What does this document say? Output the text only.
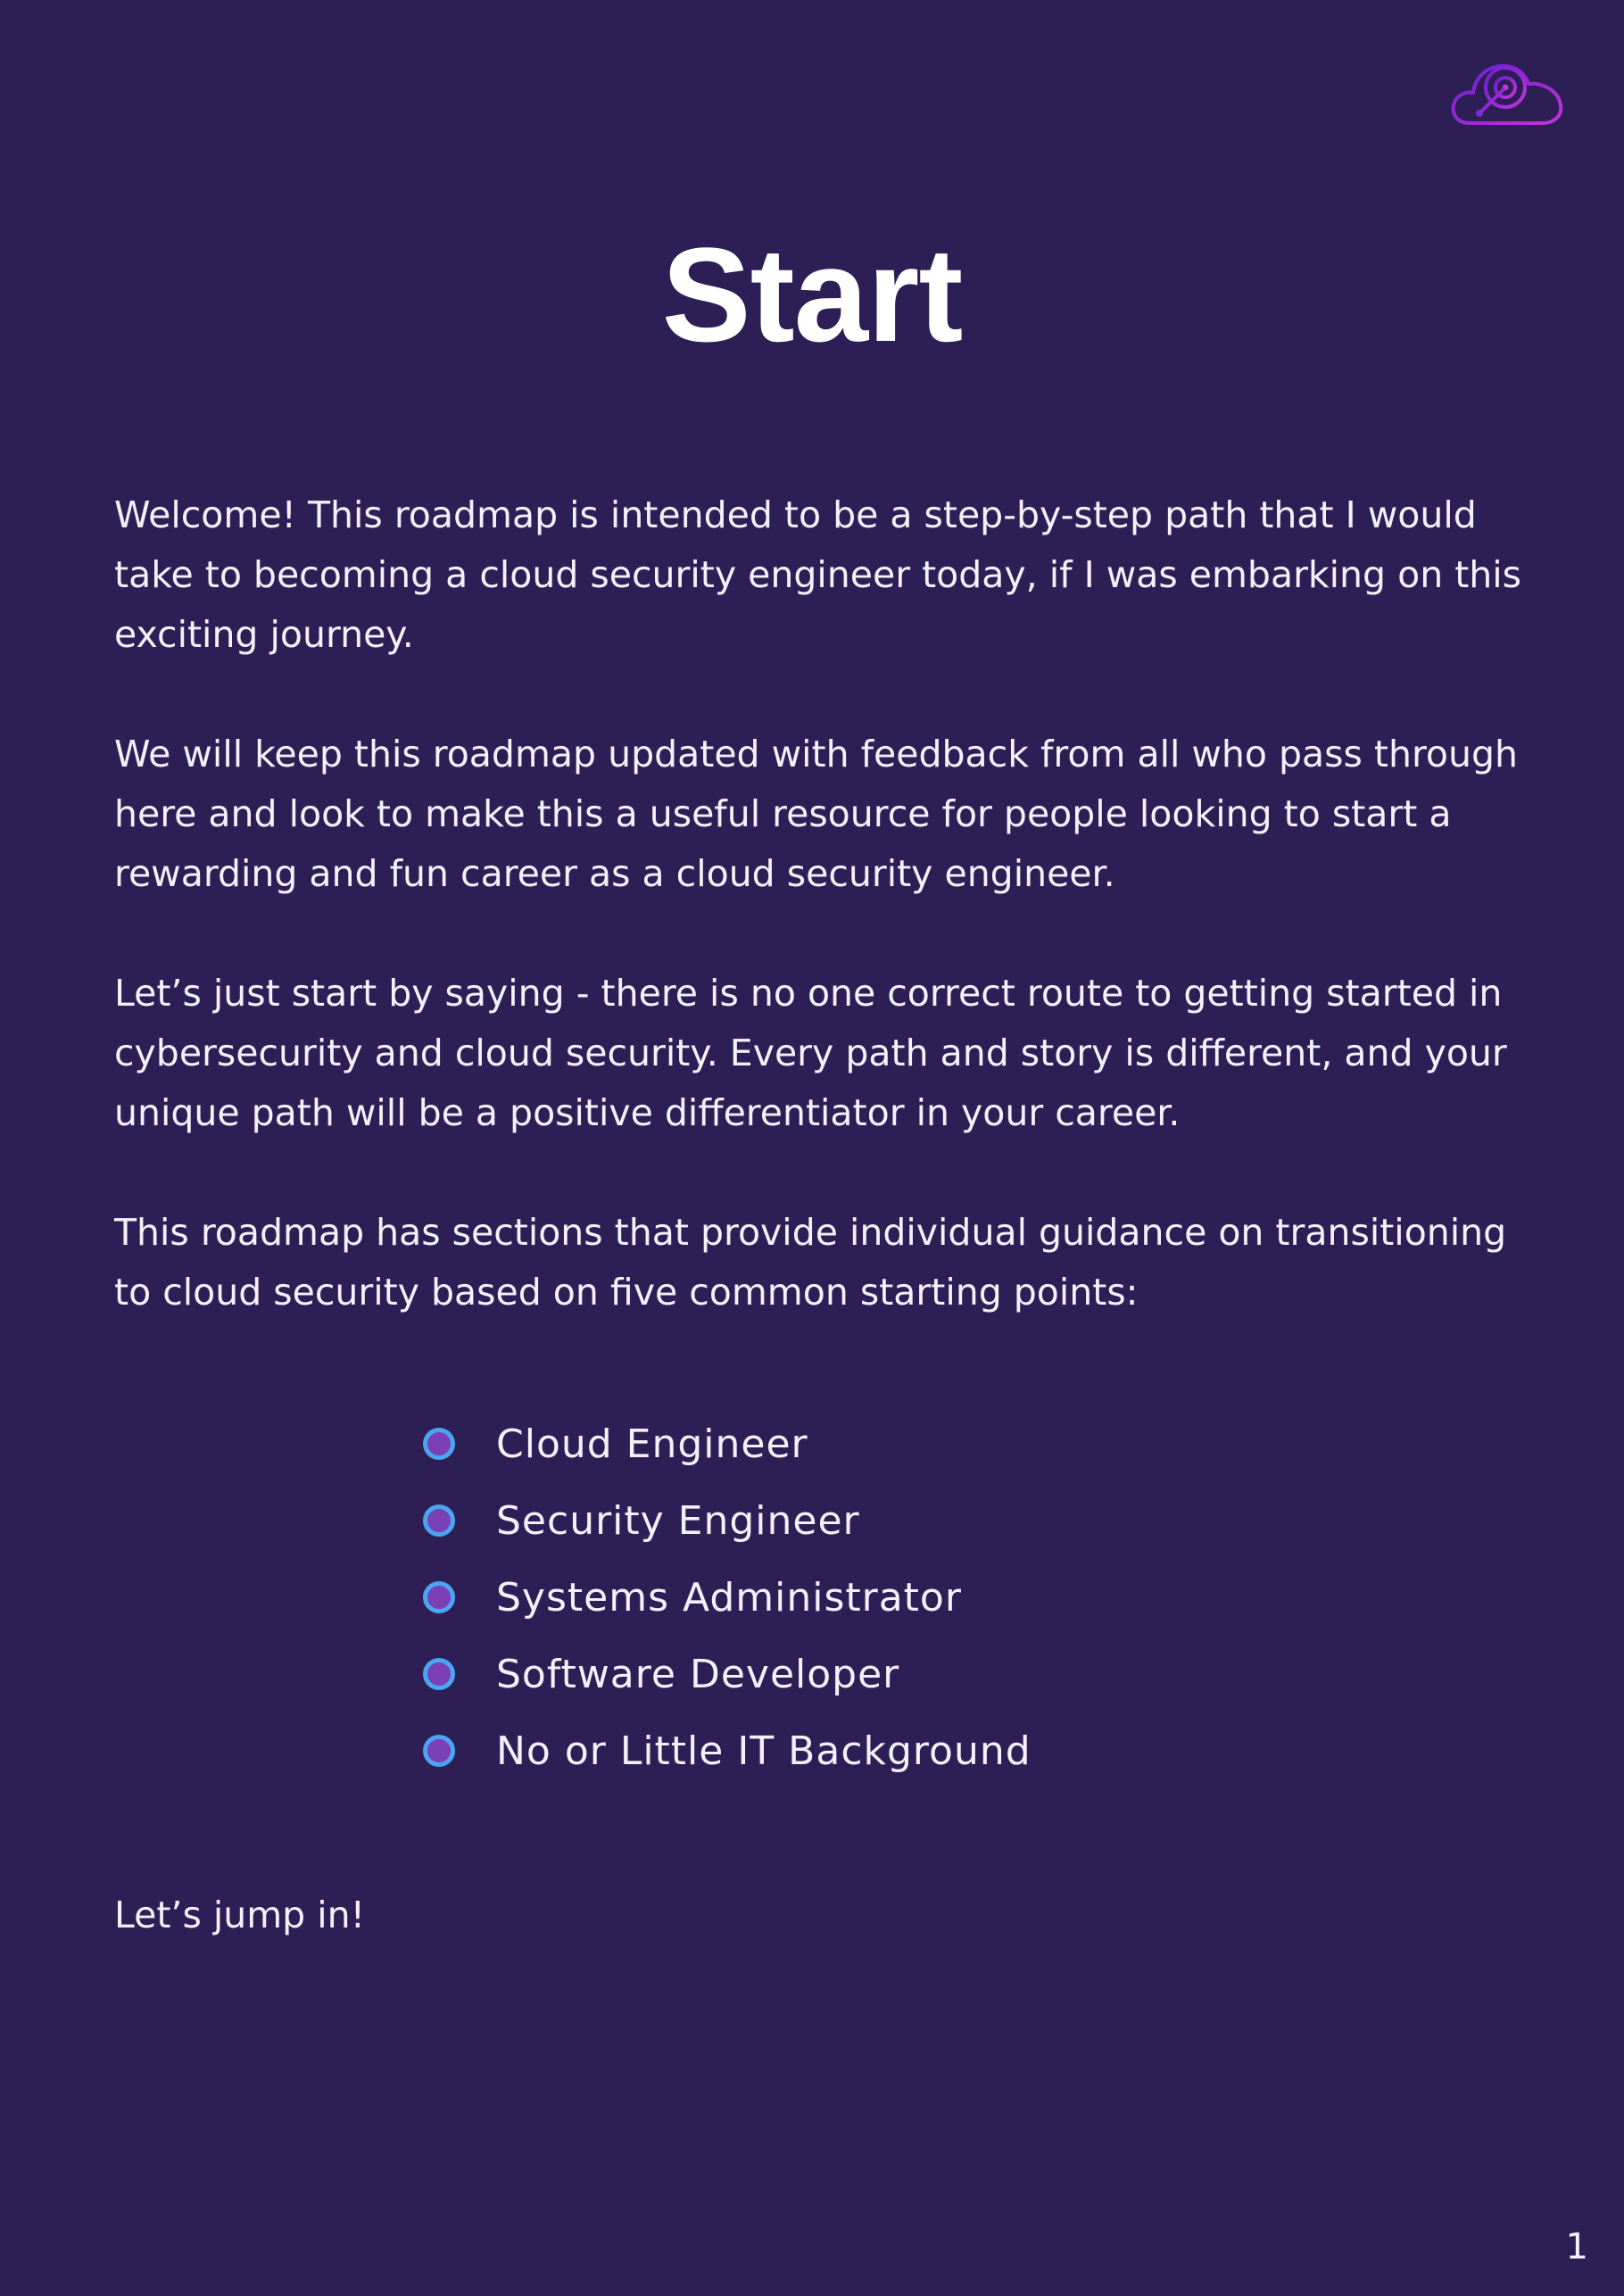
Start

Welcome! This roadmap is intended to be a step-by-step path that I would take to becoming a cloud security engineer today, if I was embarking on this exciting journey.

We will keep this roadmap updated with feedback from all who pass through here and look to make this a useful resource for people looking to start a rewarding and fun career as a cloud security engineer.

Let’s just start by saying - there is no one correct route to getting started in cybersecurity and cloud security. Every path and story is different, and your unique path will be a positive differentiator in your career.

This roadmap has sections that provide individual guidance on transitioning to cloud security based on five common starting points:

Cloud Engineer
Security Engineer
Systems Administrator
Software Developer
No or Little IT Background

Let’s jump in!

1
